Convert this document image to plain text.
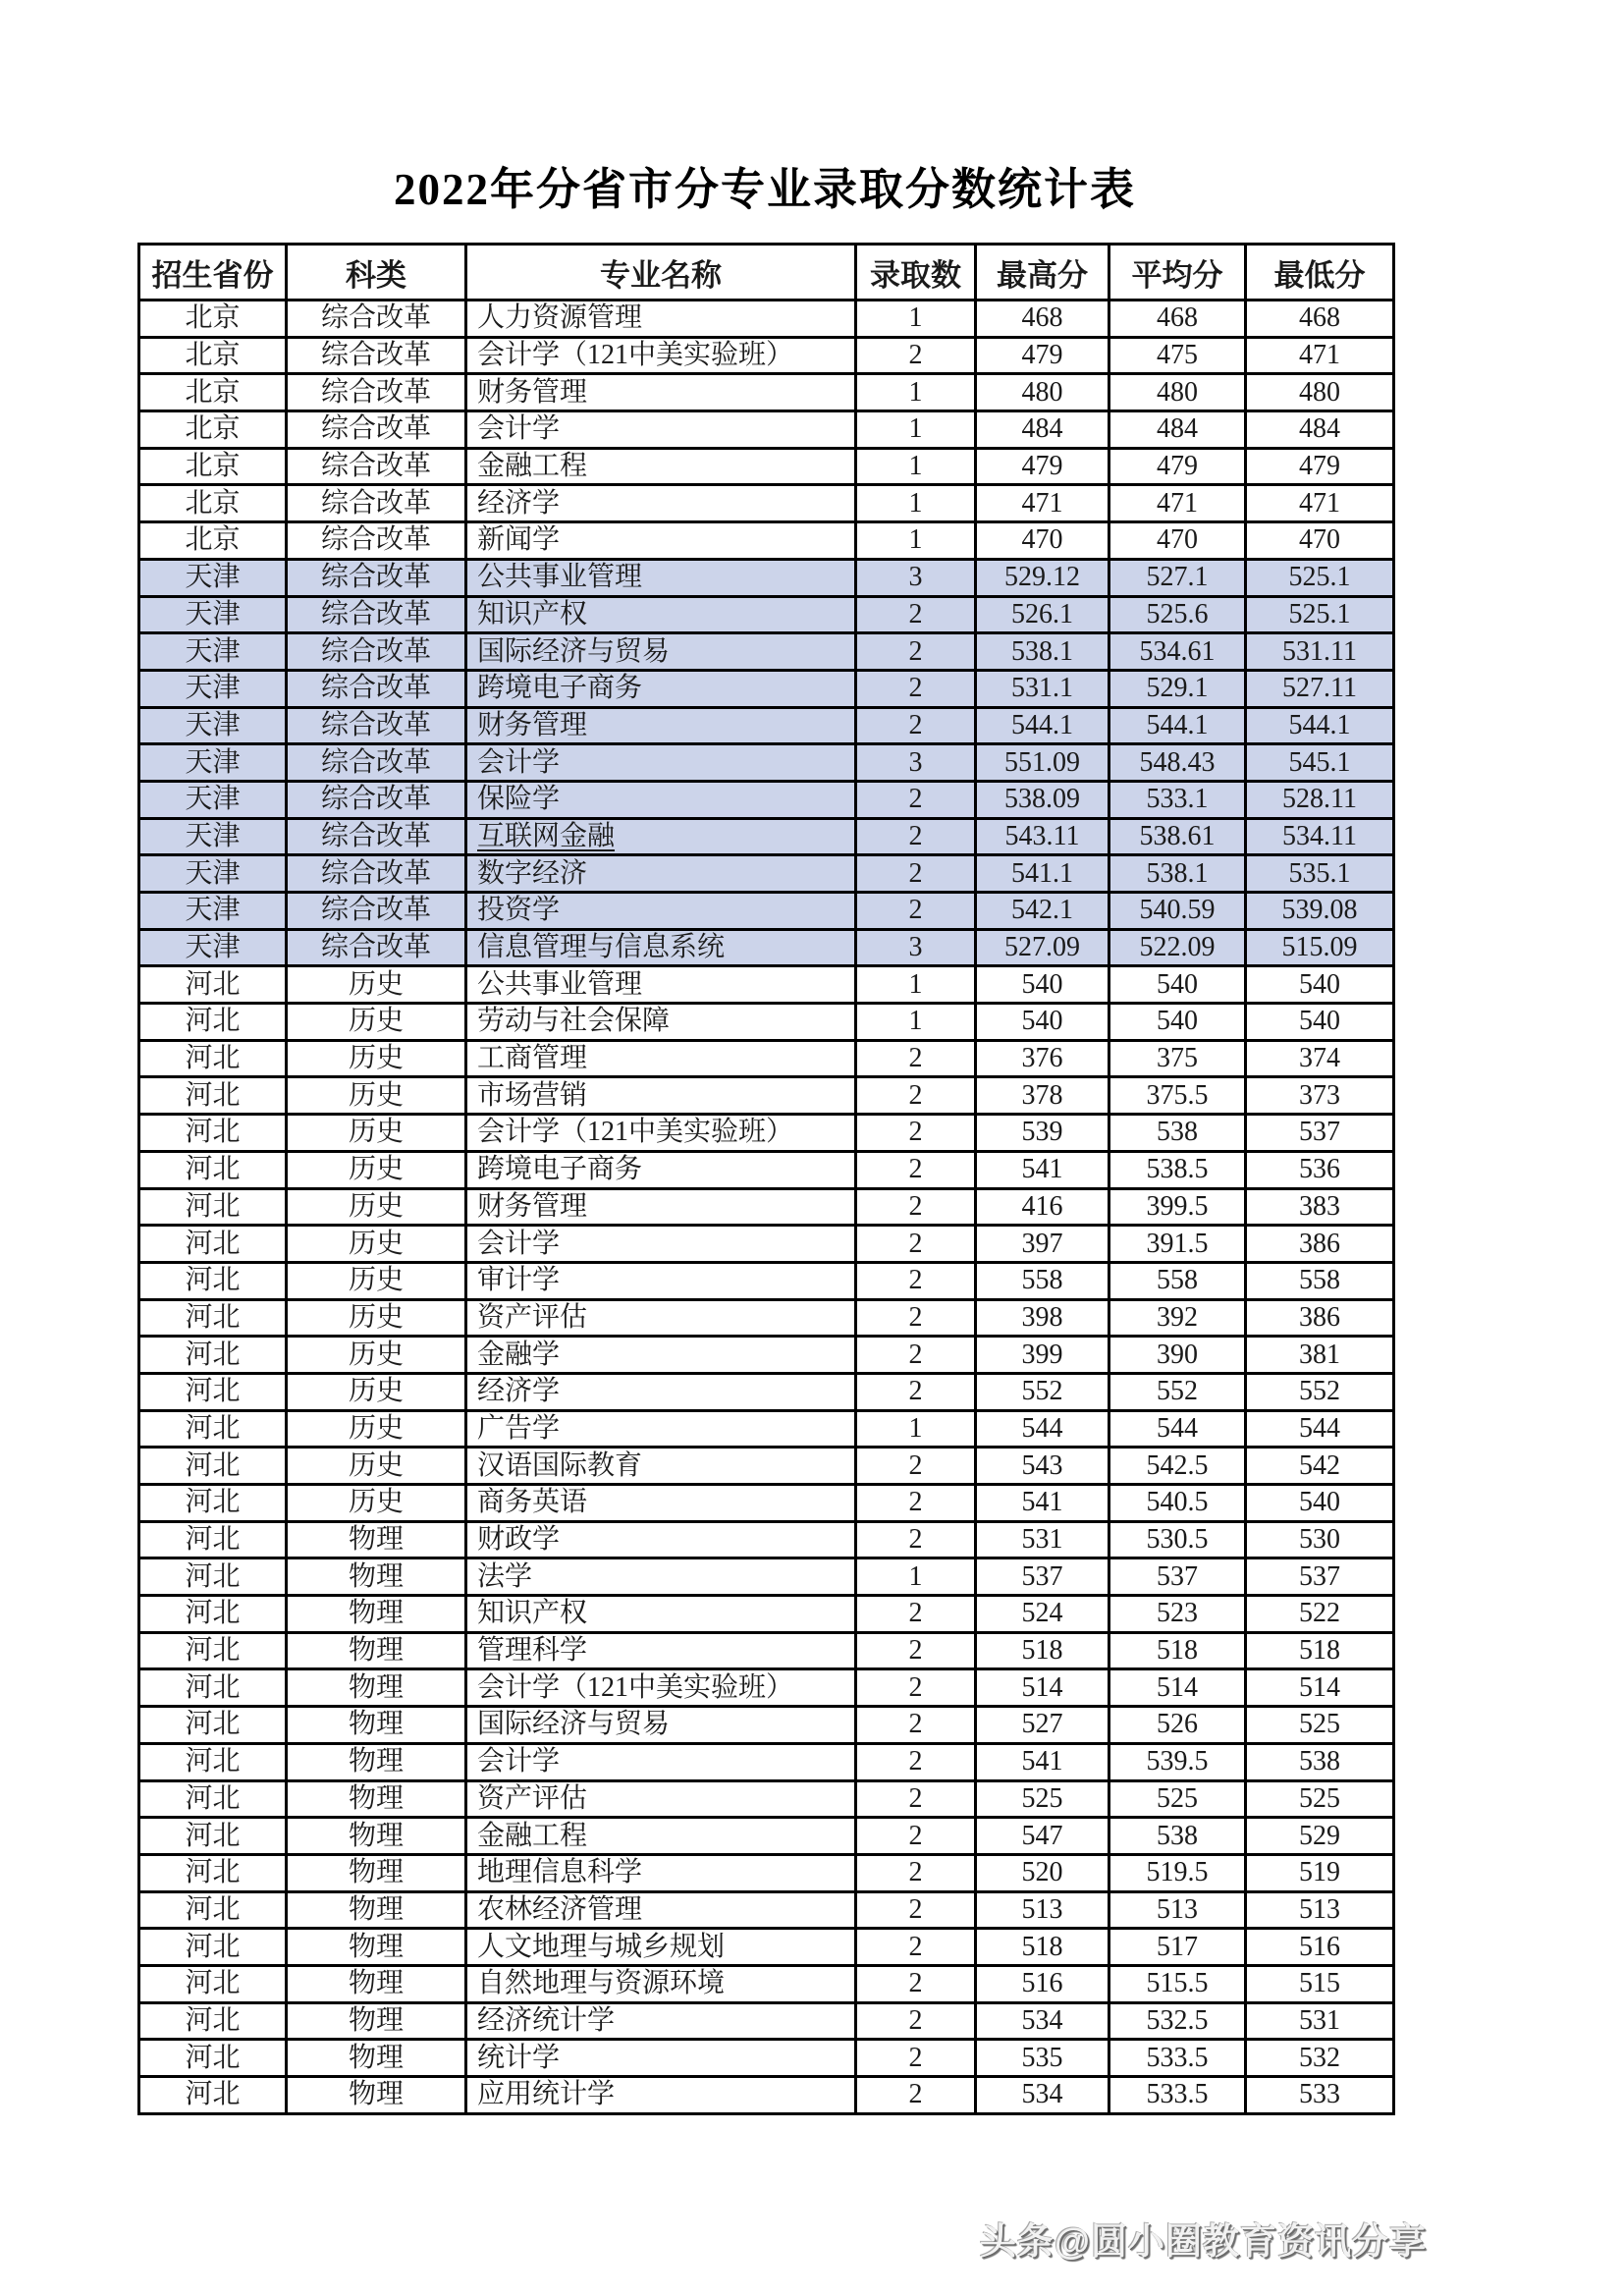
2022年分省市分专业录取分数统计表
招生省份	科类	专业名称	录取数	最高分	平均分	最低分
北京	综合改革	人力资源管理	1	468	468	468
北京	综合改革	会计学（121中美实验班）	2	479	475	471
北京	综合改革	财务管理	1	480	480	480
北京	综合改革	会计学	1	484	484	484
北京	综合改革	金融工程	1	479	479	479
北京	综合改革	经济学	1	471	471	471
北京	综合改革	新闻学	1	470	470	470
天津	综合改革	公共事业管理	3	529.12	527.1	525.1
天津	综合改革	知识产权	2	526.1	525.6	525.1
天津	综合改革	国际经济与贸易	2	538.1	534.61	531.11
天津	综合改革	跨境电子商务	2	531.1	529.1	527.11
天津	综合改革	财务管理	2	544.1	544.1	544.1
天津	综合改革	会计学	3	551.09	548.43	545.1
天津	综合改革	保险学	2	538.09	533.1	528.11
天津	综合改革	互联网金融	2	543.11	538.61	534.11
天津	综合改革	数字经济	2	541.1	538.1	535.1
天津	综合改革	投资学	2	542.1	540.59	539.08
天津	综合改革	信息管理与信息系统	3	527.09	522.09	515.09
河北	历史	公共事业管理	1	540	540	540
河北	历史	劳动与社会保障	1	540	540	540
河北	历史	工商管理	2	376	375	374
河北	历史	市场营销	2	378	375.5	373
河北	历史	会计学（121中美实验班）	2	539	538	537
河北	历史	跨境电子商务	2	541	538.5	536
河北	历史	财务管理	2	416	399.5	383
河北	历史	会计学	2	397	391.5	386
河北	历史	审计学	2	558	558	558
河北	历史	资产评估	2	398	392	386
河北	历史	金融学	2	399	390	381
河北	历史	经济学	2	552	552	552
河北	历史	广告学	1	544	544	544
河北	历史	汉语国际教育	2	543	542.5	542
河北	历史	商务英语	2	541	540.5	540
河北	物理	财政学	2	531	530.5	530
河北	物理	法学	1	537	537	537
河北	物理	知识产权	2	524	523	522
河北	物理	管理科学	2	518	518	518
河北	物理	会计学（121中美实验班）	2	514	514	514
河北	物理	国际经济与贸易	2	527	526	525
河北	物理	会计学	2	541	539.5	538
河北	物理	资产评估	2	525	525	525
河北	物理	金融工程	2	547	538	529
河北	物理	地理信息科学	2	520	519.5	519
河北	物理	农林经济管理	2	513	513	513
河北	物理	人文地理与城乡规划	2	518	517	516
河北	物理	自然地理与资源环境	2	516	515.5	515
河北	物理	经济统计学	2	534	532.5	531
河北	物理	统计学	2	535	533.5	532
河北	物理	应用统计学	2	534	533.5	533

头条@圆小圈教育资讯分享
